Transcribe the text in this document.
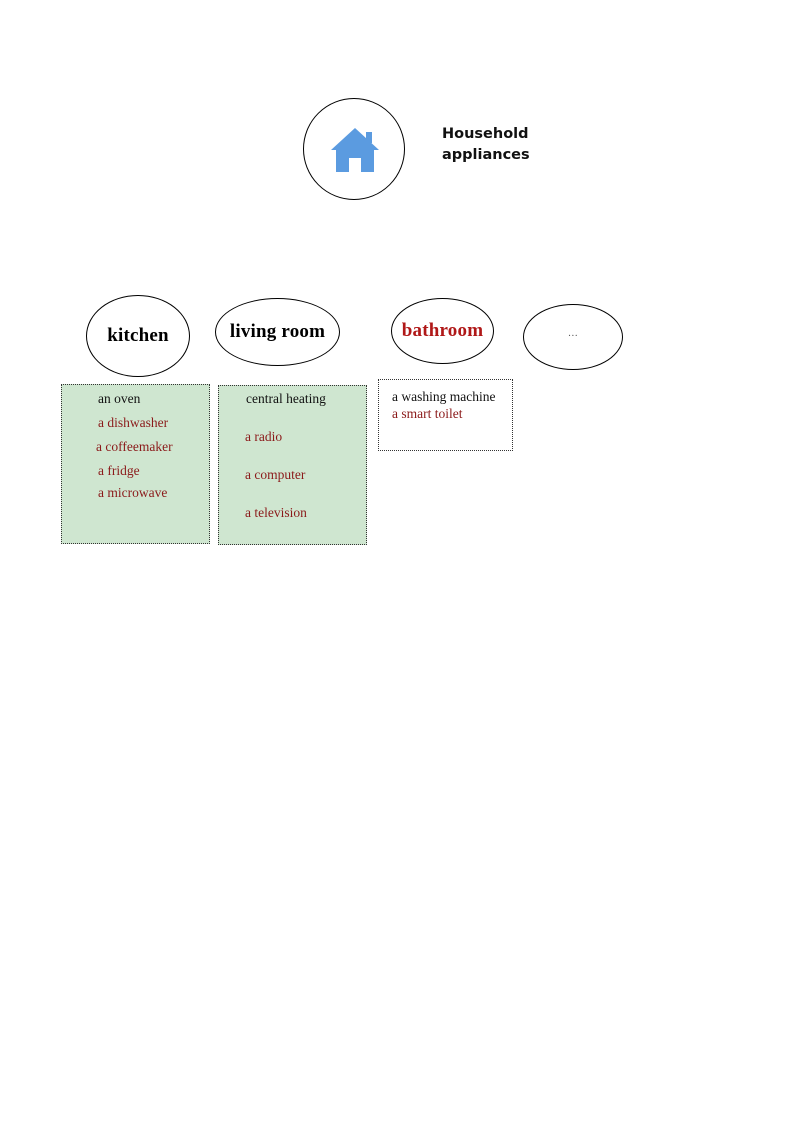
Household
appliances
kitchen	living room	bathroom	…
an oven
a dishwasher
a coffeemaker
a fridge
a microwave
central heating
a radio
a computer
a television
a washing machine
a smart toilet
